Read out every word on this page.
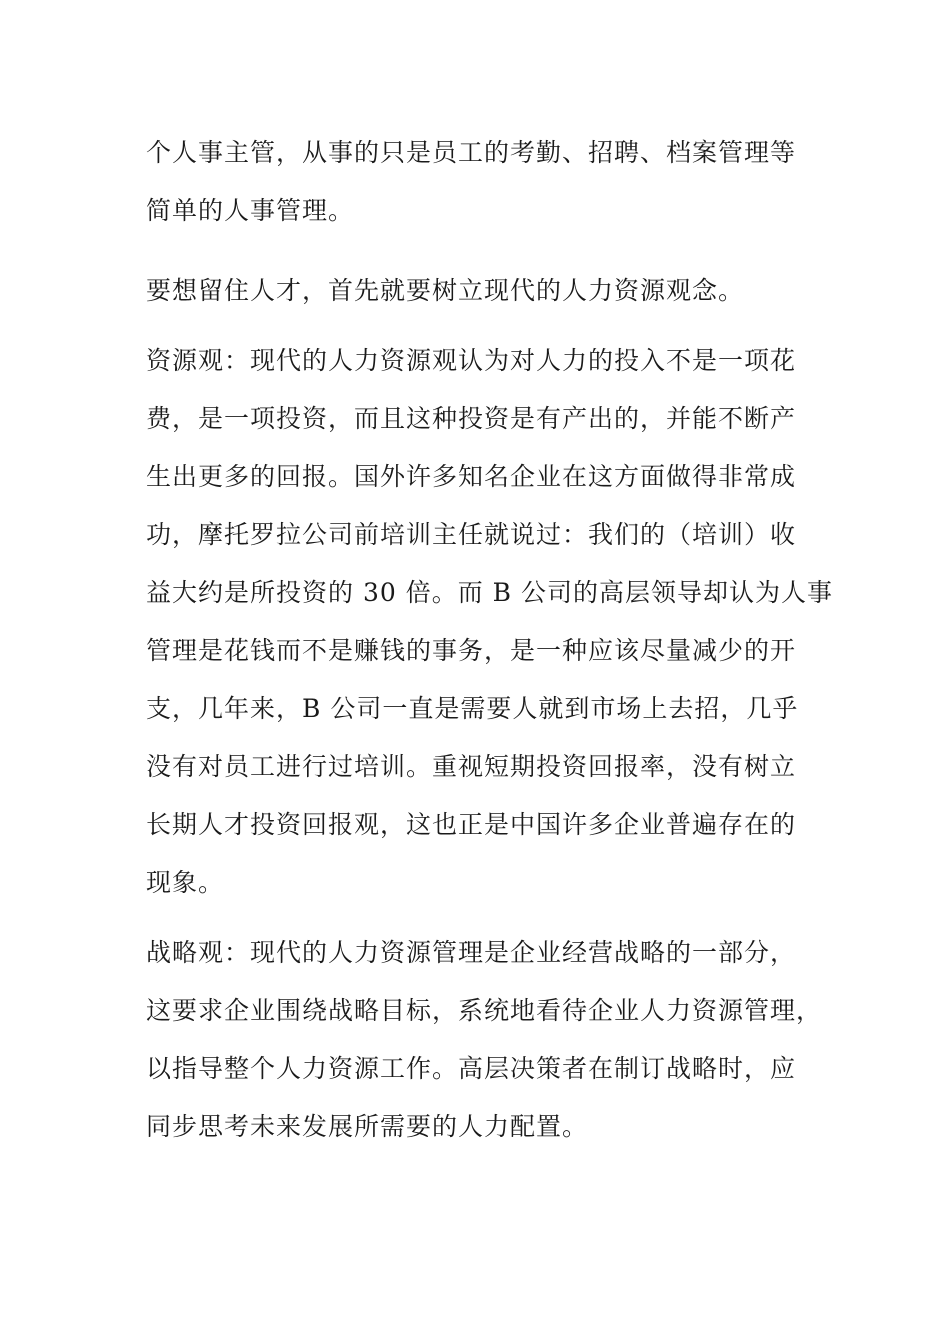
个人事主管，从事的只是员工的考勤、招聘、档案管理等
简单的人事管理。
要想留住人才，首先就要树立现代的人力资源观念。
资源观：现代的人力资源观认为对人力的投入不是一项花
费，是一项投资，而且这种投资是有产出的，并能不断产
生出更多的回报。国外许多知名企业在这方面做得非常成
功，摩托罗拉公司前培训主任就说过：我们的（培训）收
益大约是所投资的 30 倍。而 B 公司的高层领导却认为人事
管理是花钱而不是赚钱的事务，是一种应该尽量减少的开
支，几年来，B 公司一直是需要人就到市场上去招，几乎
没有对员工进行过培训。重视短期投资回报率，没有树立
长期人才投资回报观，这也正是中国许多企业普遍存在的
现象。
战略观：现代的人力资源管理是企业经营战略的一部分，
这要求企业围绕战略目标，系统地看待企业人力资源管理，
以指导整个人力资源工作。高层决策者在制订战略时，应
同步思考未来发展所需要的人力配置。
